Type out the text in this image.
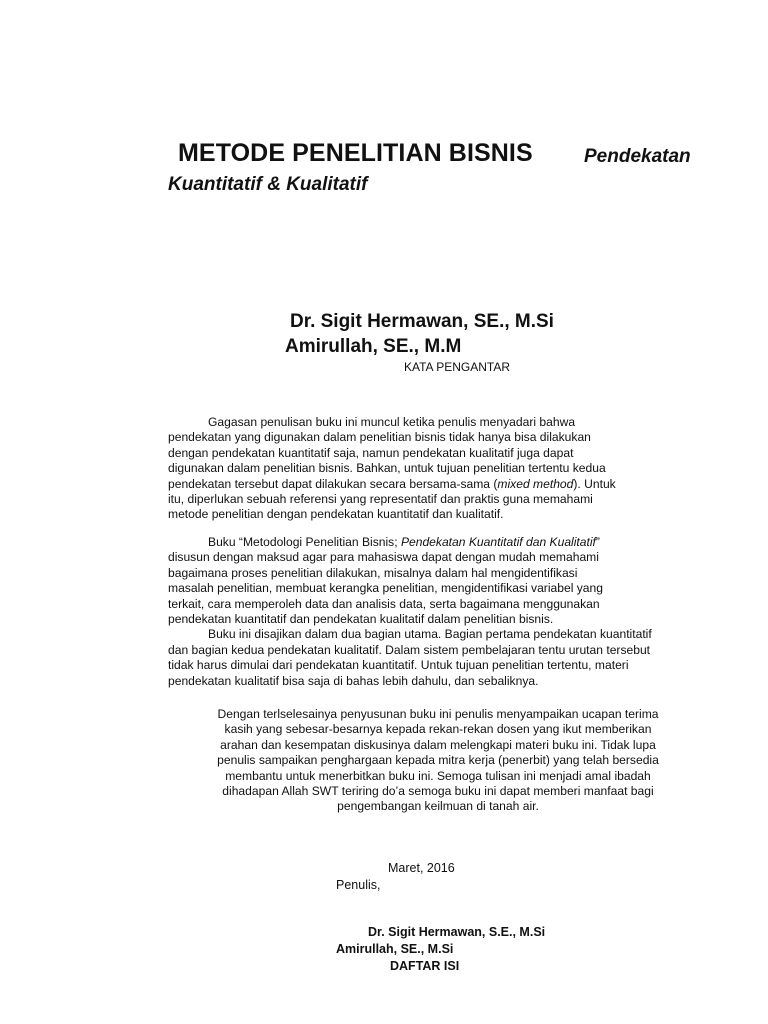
METODE PENELITIAN BISNIS	Pendekatan
Kuantitatif & Kualitatif
Dr. Sigit Hermawan, SE., M.Si
Amirullah, SE., M.M
KATA PENGANTAR
Gagasan penulisan buku ini muncul ketika penulis menyadari bahwa
pendekatan yang digunakan dalam penelitian bisnis tidak hanya bisa dilakukan
dengan pendekatan kuantitatif saja, namun pendekatan kualitatif juga dapat
digunakan dalam penelitian bisnis. Bahkan, untuk tujuan penelitian tertentu kedua
pendekatan tersebut dapat dilakukan secara bersama-sama (mixed method). Untuk
itu, diperlukan sebuah referensi yang representatif dan praktis guna memahami
metode penelitian dengan pendekatan kuantitatif dan kualitatif.
Buku “Metodologi Penelitian Bisnis; Pendekatan Kuantitatif dan Kualitatif”
disusun dengan maksud agar para mahasiswa dapat dengan mudah memahami
bagaimana proses penelitian dilakukan, misalnya dalam hal mengidentifikasi
masalah penelitian, membuat kerangka penelitian, mengidentifikasi variabel yang
terkait, cara memperoleh data dan analisis data, serta bagaimana menggunakan
pendekatan kuantitatif dan pendekatan kualitatif dalam penelitian bisnis.
Buku ini disajikan dalam dua bagian utama. Bagian pertama pendekatan kuantitatif
dan bagian kedua pendekatan kualitatif. Dalam sistem pembelajaran tentu urutan tersebut
tidak harus dimulai dari pendekatan kuantitatif. Untuk tujuan penelitian tertentu, materi
pendekatan kualitatif bisa saja di bahas lebih dahulu, dan sebaliknya.
Dengan terlselesainya penyusunan buku ini penulis menyampaikan ucapan terima
kasih yang sebesar-besarnya kepada rekan-rekan dosen yang ikut memberikan
arahan dan kesempatan diskusinya dalam melengkapi materi buku ini. Tidak lupa
penulis sampaikan penghargaan kepada mitra kerja (penerbit) yang telah bersedia
membantu untuk menerbitkan buku ini. Semoga tulisan ini menjadi amal ibadah
dihadapan Allah SWT teriring do’a semoga buku ini dapat memberi manfaat bagi
pengembangan keilmuan di tanah air.
Maret, 2016
Penulis,
Dr. Sigit Hermawan, S.E., M.Si
Amirullah, SE., M.Si
DAFTAR ISI
